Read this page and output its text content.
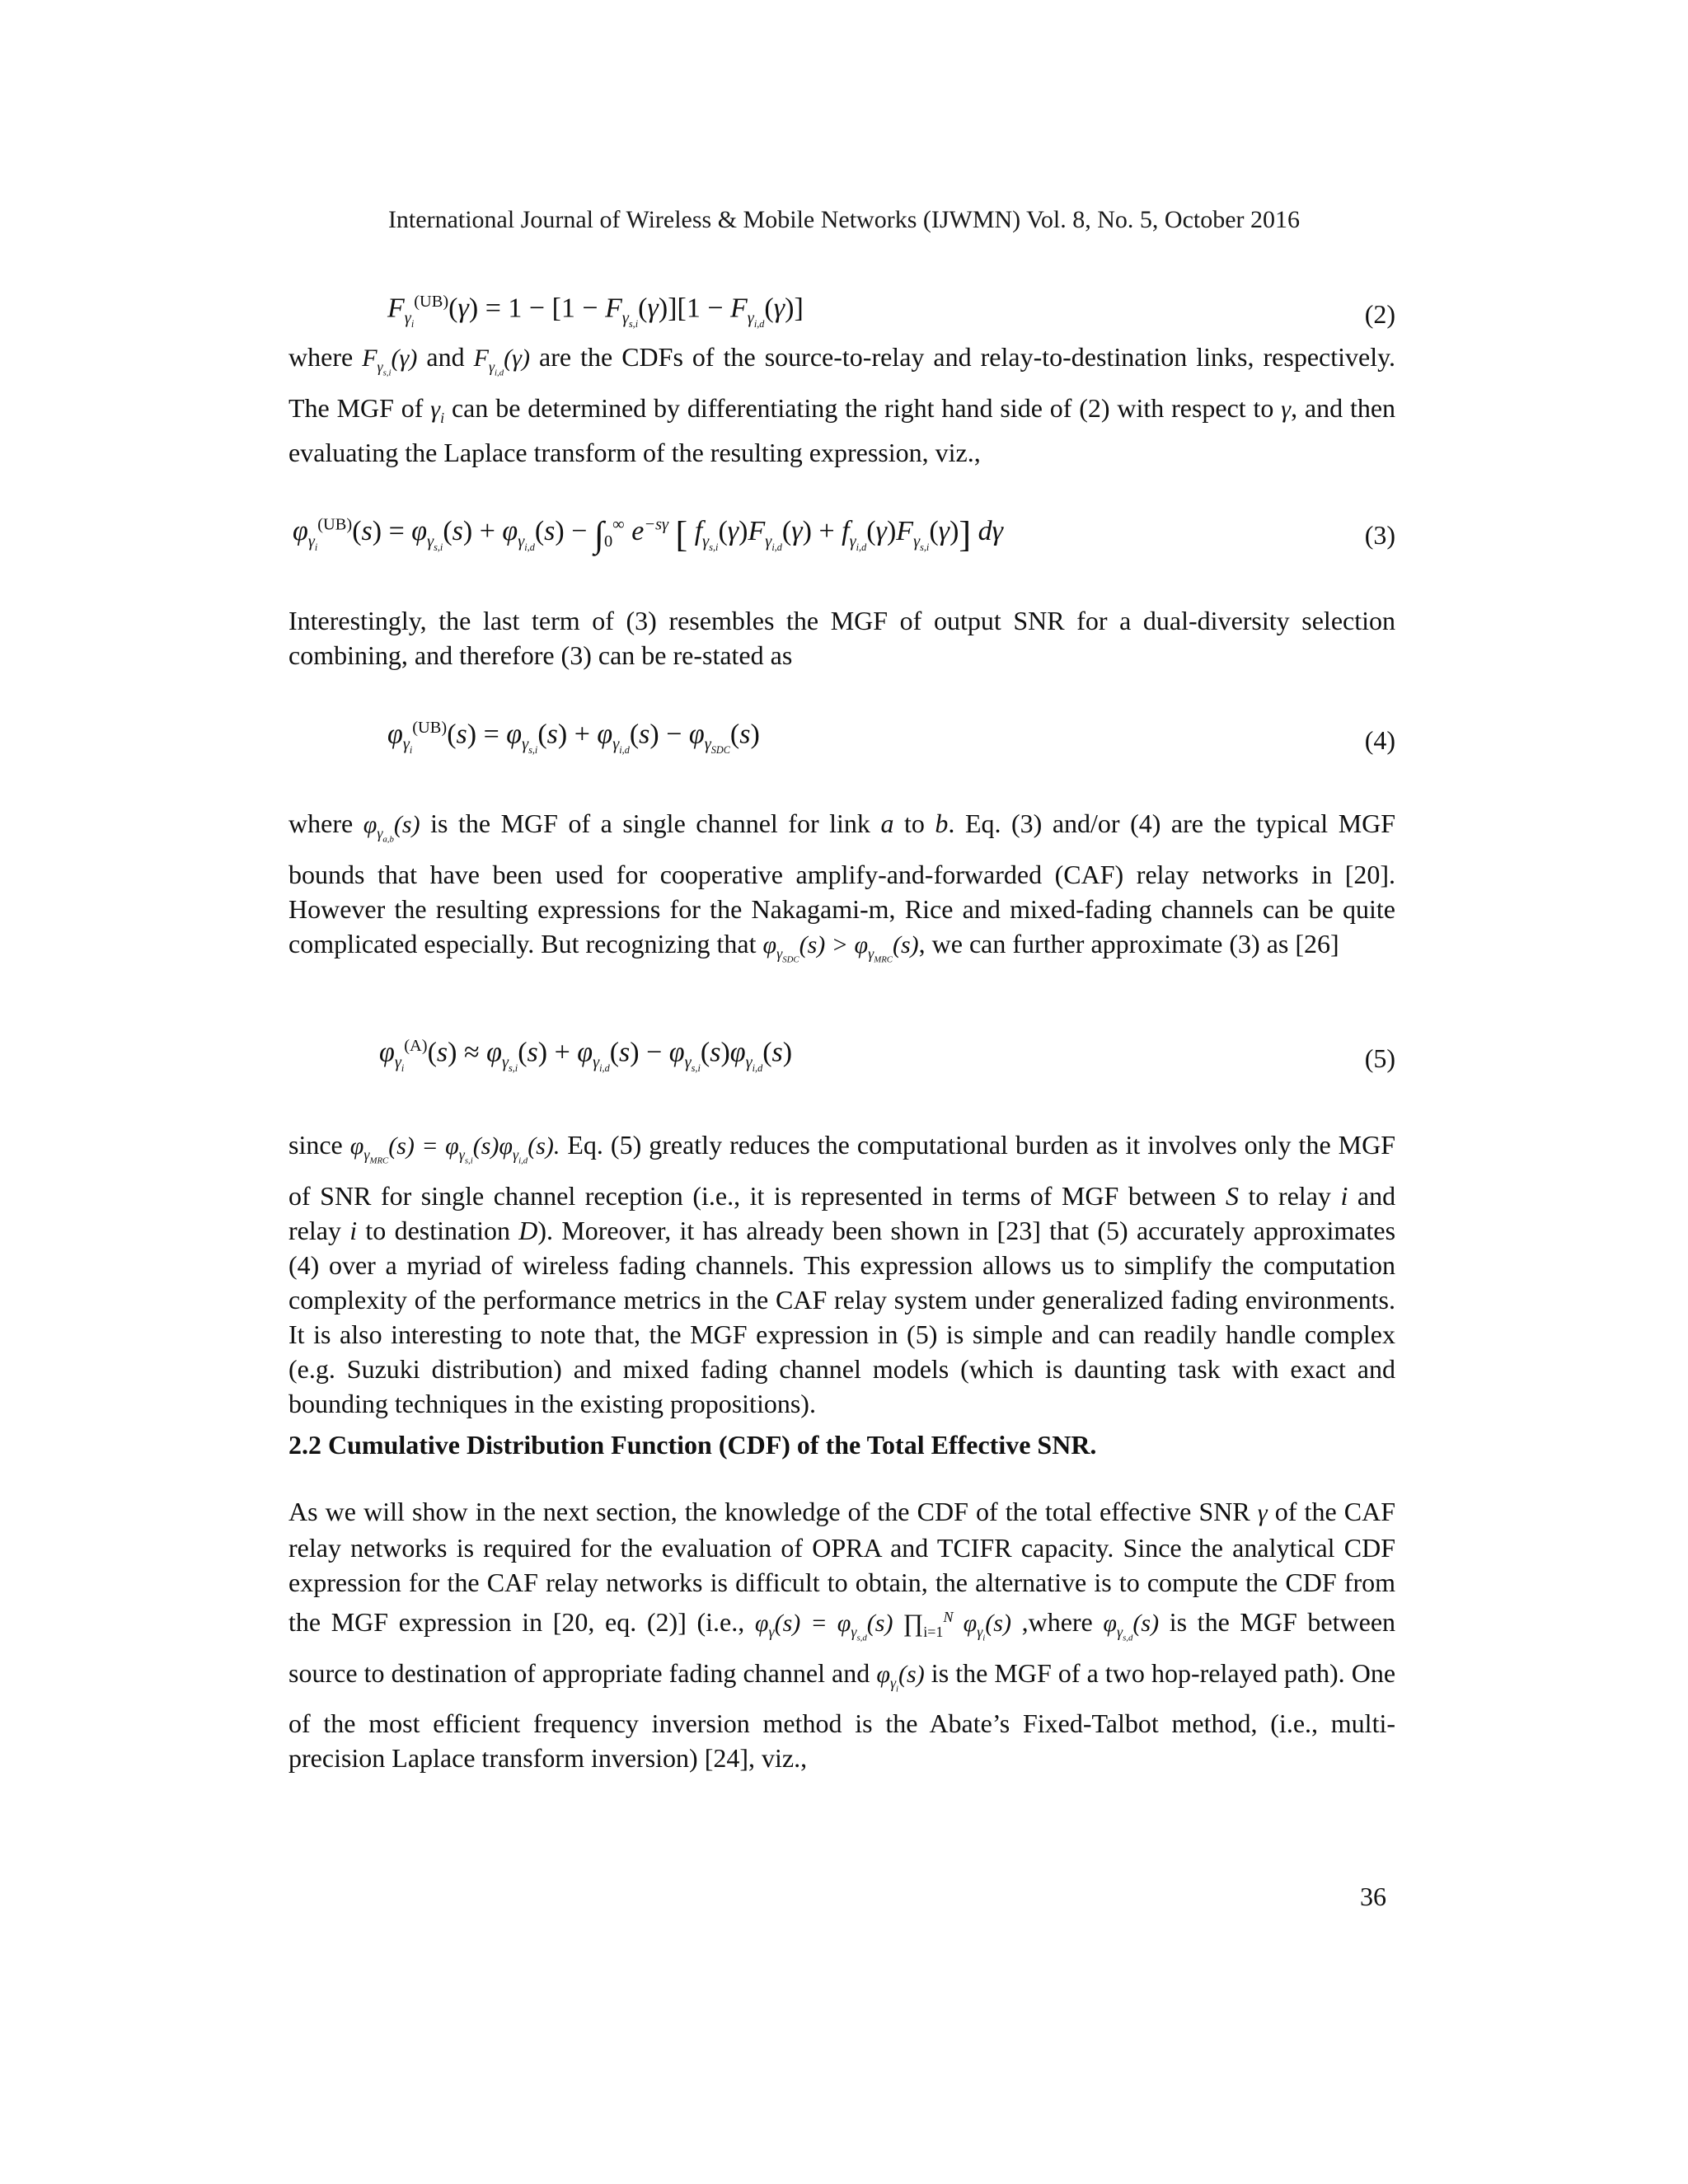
International Journal of Wireless & Mobile Networks (IJWMN) Vol. 8, No. 5, October 2016
$F_{\gamma_i}^{(UB)}(\gamma) = 1 - [1 - F_{\gamma_{s,i}}(\gamma)][1 - F_{\gamma_{i,d}}(\gamma)]$	(2)

where $F_{\gamma_{s,i}}(\gamma)$ and $F_{\gamma_{i,d}}(\gamma)$ are the CDFs of the source-to-relay and relay-to-destination links, respectively. The MGF of $\gamma_i$ can be determined by differentiating the right hand side of (2) with respect to γ, and then evaluating the Laplace transform of the resulting expression, viz.,

$\varphi_{\gamma_i}^{(UB)}(s) = \varphi_{\gamma_{s,i}}(s) + \varphi_{\gamma_{i,d}}(s) - \int_0^\infty$ $e^{-s\gamma}$ [ $f_{\gamma_{s,i}}(\gamma)F_{\gamma_{i,d}}(\gamma) + f_{\gamma_{i,d}}(\gamma)F_{\gamma_{s,i}}(\gamma)$] dγ	(3)

Interestingly, the last term of (3) resembles the MGF of output SNR for a dual-diversity selection combining, and therefore (3) can be re-stated as

$\varphi_{\gamma_i}^{(UB)}(s) = \varphi_{\gamma_{s,i}}(s) + \varphi_{\gamma_{i,d}}(s) - \varphi_{\gamma_{SDC}}(s)$	(4)

where $\varphi_{\gamma_{a,b}}(s)$ is the MGF of a single channel for link a to b. Eq. (3) and/or (4) are the typical MGF bounds that have been used for cooperative amplify-and-forwarded (CAF) relay networks in [20]. However the resulting expressions for the Nakagami-m, Rice and mixed-fading channels can be quite complicated especially. But recognizing that $\varphi_{\gamma_{SDC}}(s) > \varphi_{\gamma_{MRC}}(s)$, we can further approximate (3) as [26]

$\varphi_{\gamma_i}^{(A)}(s) \approx \varphi_{\gamma_{s,i}}(s) + \varphi_{\gamma_{i,d}}(s) - \varphi_{\gamma_{s,i}}(s)\varphi_{\gamma_{i,d}}(s)$	(5)

since $\varphi_{\gamma_{MRC}}(s) = \varphi_{\gamma_{s,i}}(s)\varphi_{\gamma_{i,d}}(s)$. Eq. (5) greatly reduces the computational burden as it involves only the MGF of SNR for single channel reception (i.e., it is represented in terms of MGF between S to relay i and relay i to destination D). Moreover, it has already been shown in [23] that (5) accurately approximates (4) over a myriad of wireless fading channels. This expression allows us to simplify the computation complexity of the performance metrics in the CAF relay system under generalized fading environments. It is also interesting to note that, the MGF expression in (5) is simple and can readily handle complex (e.g. Suzuki distribution) and mixed fading channel models (which is daunting task with exact and bounding techniques in the existing propositions).

2.2 Cumulative Distribution Function (CDF) of the Total Effective SNR.

As we will show in the next section, the knowledge of the CDF of the total effective SNR γ of the CAF relay networks is required for the evaluation of OPRA and TCIFR capacity. Since the analytical CDF expression for the CAF relay networks is difficult to obtain, the alternative is to compute the CDF from the MGF expression in [20, eq. (2)] (i.e., $\varphi_\gamma(s) = \varphi_{\gamma_{s,d}}(s)$ $\prod_{i=1}^N$ $\varphi_{\gamma_i}(s)$ ,where $\varphi_{\gamma_{s,d}}(s)$ is the MGF between source to destination of appropriate fading channel and $\varphi_{\gamma_i}(s)$ is the MGF of a two hop-relayed path). One of the most efficient frequency inversion method is the Abate’s Fixed-Talbot method, (i.e., multi-precision Laplace transform inversion) [24], viz.,

36
